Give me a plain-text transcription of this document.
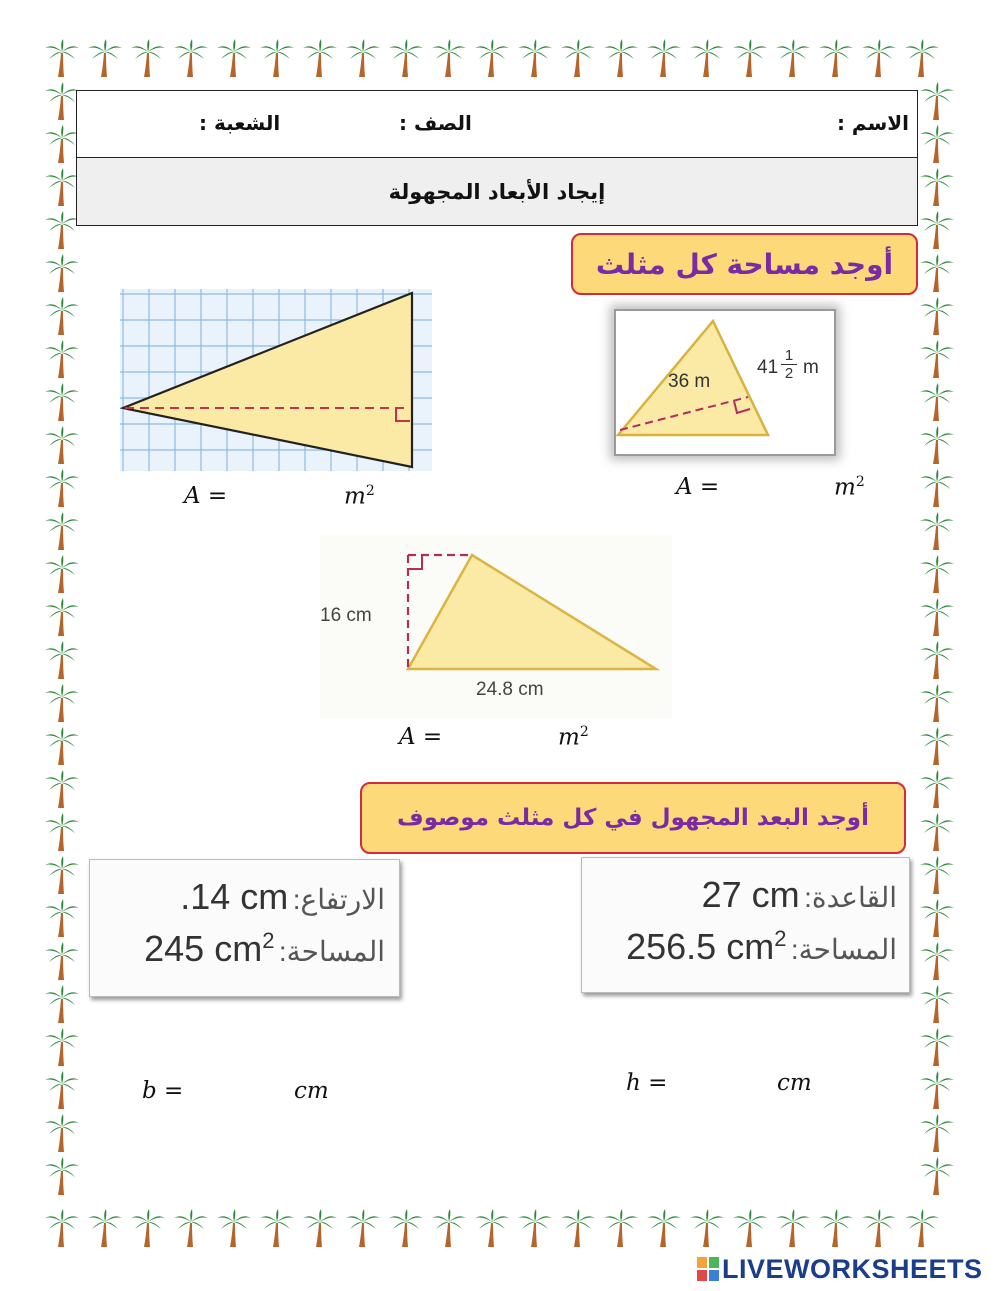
الاسم :
الصف :
الشعبة :
إيجاد الأبعاد المجهولة
أوجد مساحة كل مثلث
A =	$m^2$
36 m
$41 \frac{1}{2}$ m
A =	$m^2$
16 cm
24.8 cm
A =	$m^2$
أوجد البعد المجهول في كل مثلث موصوف
الارتفاع: .14 cm
المساحة: 245 $cm^2$
b =	cm
القاعدة: 27 cm
المساحة: 256.5 $cm^2$
h =	cm
LIVEWORKSHEETS
